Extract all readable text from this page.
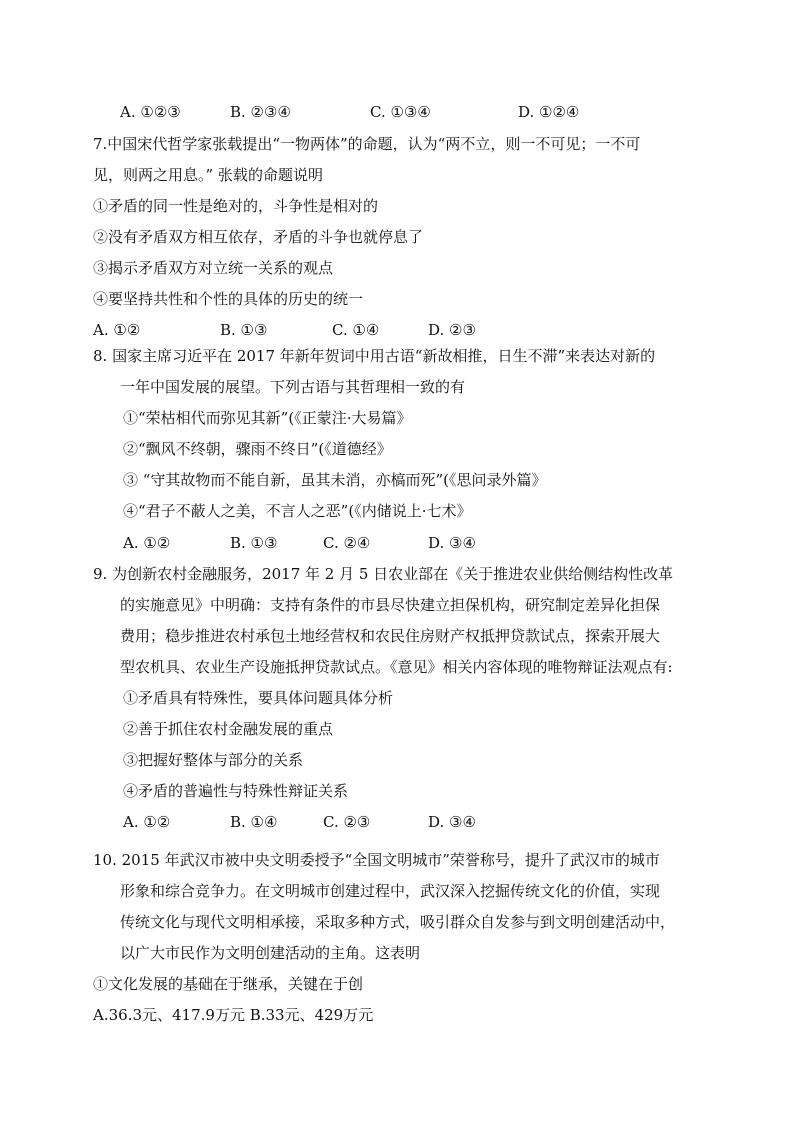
A. ①②③	B. ②③④	C. ①③④	D. ①②④
7.中国宋代哲学家张载提出“一物两体”的命题，认为“两不立，则一不可见；一不可
见，则两之用息。” 张载的命题说明
①矛盾的同一性是绝对的，斗争性是相对的
②没有矛盾双方相互依存，矛盾的斗争也就停息了
③揭示矛盾双方对立统一关系的观点
④要坚持共性和个性的具体的历史的统一
A. ①②	B. ①③	C. ①④	D. ②③
8. 国家主席习近平在 2017 年新年贺词中用古语“新故相推，日生不滞”来表达对新的
一年中国发展的展望。下列古语与其哲理相一致的有
①“荣枯相代而弥见其新”(《正蒙注·大易篇》
②“飘风不终朝，骤雨不终日”(《道德经》
③ “守其故物而不能自新，虽其未消，亦槁而死”(《思问录外篇》
④“君子不蔽人之美，不言人之恶”(《内储说上·七术》
A. ①②	B. ①③	C. ②④	D. ③④
9. 为创新农村金融服务，2017 年 2 月 5 日农业部在《关于推进农业供给侧结构性改革
的实施意见》中明确：支持有条件的市县尽快建立担保机构，研究制定差异化担保
费用；稳步推进农村承包土地经营权和农民住房财产权抵押贷款试点，探索开展大
型农机具、农业生产设施抵押贷款试点。《意见》相关内容体现的唯物辩证法观点有:
①矛盾具有特殊性，要具体问题具体分析
②善于抓住农村金融发展的重点
③把握好整体与部分的关系
④矛盾的普遍性与特殊性辩证关系
A. ①②	B. ①④	C. ②③	D. ③④
10. 2015 年武汉市被中央文明委授予“全国文明城市”荣誉称号，提升了武汉市的城市
形象和综合竞争力。在文明城市创建过程中，武汉深入挖掘传统文化的价值，实现
传统文化与现代文明相承接，采取多种方式，吸引群众自发参与到文明创建活动中，
以广大市民作为文明创建活动的主角。这表明
①文化发展的基础在于继承，关键在于创
A.36.3元、417.9万元 B.33元、429万元
